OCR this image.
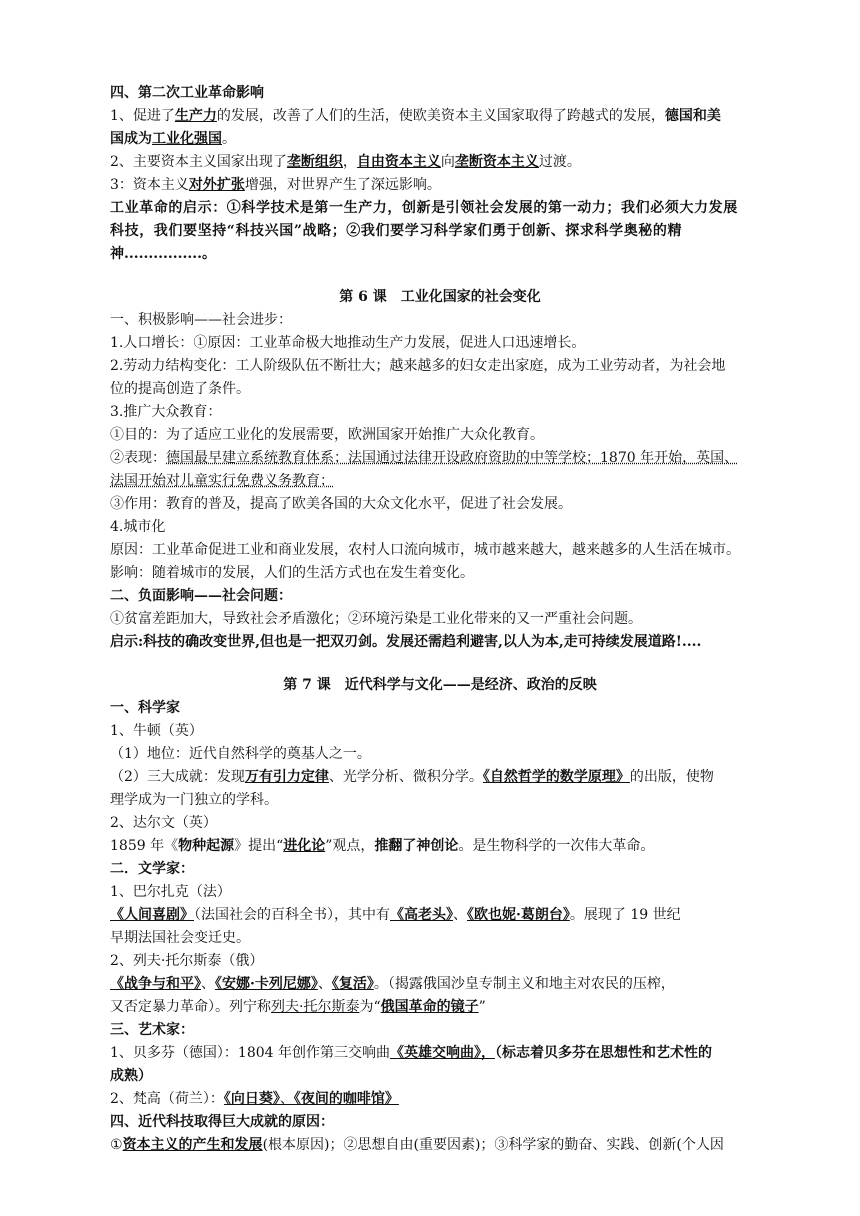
四、第二次工业革命影响
1、促进了生产力的发展，改善了人们的生活，使欧美资本主义国家取得了跨越式的发展，德国和美
国成为工业化强国。
2、主要资本主义国家出现了垄断组织，自由资本主义向垄断资本主义过渡。
3：资本主义对外扩张增强，对世界产生了深远影响。
工业革命的启示：①科学技术是第一生产力，创新是引领社会发展的第一动力；我们必须大力发展
科技，我们要坚持“科技兴国”战略；②我们要学习科学家们勇于创新、探求科学奥秘的精
神................。
第 6 课　工业化国家的社会变化
一、积极影响——社会进步：
1.人口增长：①原因：工业革命极大地推动生产力发展，促进人口迅速增长。
2.劳动力结构变化：工人阶级队伍不断壮大；越来越多的妇女走出家庭，成为工业劳动者，为社会地
位的提高创造了条件。
3.推广大众教育：
①目的：为了适应工业化的发展需要，欧洲国家开始推广大众化教育。
②表现：德国最早建立系统教育体系；法国通过法律开设政府资助的中等学校；1870 年开始，英国、
法国开始对儿童实行免费义务教育；
③作用：教育的普及，提高了欧美各国的大众文化水平，促进了社会发展。
4.城市化
原因：工业革命促进工业和商业发展，农村人口流向城市，城市越来越大，越来越多的人生活在城市。
影响：随着城市的发展，人们的生活方式也在发生着变化。
二、负面影响——社会问题：
①贫富差距加大，导致社会矛盾激化；②环境污染是工业化带来的又一严重社会问题。
启示:科技的确改变世界,但也是一把双刃剑。发展还需趋利避害,以人为本,走可持续发展道路!....
第 7 课　近代科学与文化——是经济、政治的反映
一、科学家
1、牛顿（英）
（1）地位：近代自然科学的奠基人之一。
（2）三大成就：发现万有引力定律、光学分析、微积分学。《自然哲学的数学原理》的出版，使物
理学成为一门独立的学科。
2、达尔文（英）
1859 年《物种起源》提出“进化论”观点，推翻了神创论。是生物科学的一次伟大革命。
二．文学家：
1、巴尔扎克（法）
《人间喜剧》（法国社会的百科全书），其中有《高老头》、《欧也妮·葛朗台》。展现了 19 世纪
早期法国社会变迁史。
2、列夫·托尔斯泰（俄）
《战争与和平》、《安娜·卡列尼娜》、《复活》。（揭露俄国沙皇专制主义和地主对农民的压榨，
又否定暴力革命）。列宁称列夫·托尔斯泰为“俄国革命的镜子”
三、艺术家：
1、贝多芬（德国）：1804 年创作第三交响曲《英雄交响曲》，（标志着贝多芬在思想性和艺术性的
成熟）
2、梵高（荷兰）：《向日葵》、《夜间的咖啡馆》
四、近代科技取得巨大成就的原因：
①资本主义的产生和发展(根本原因)；②思想自由(重要因素)；③科学家的勤奋、实践、创新(个人因
